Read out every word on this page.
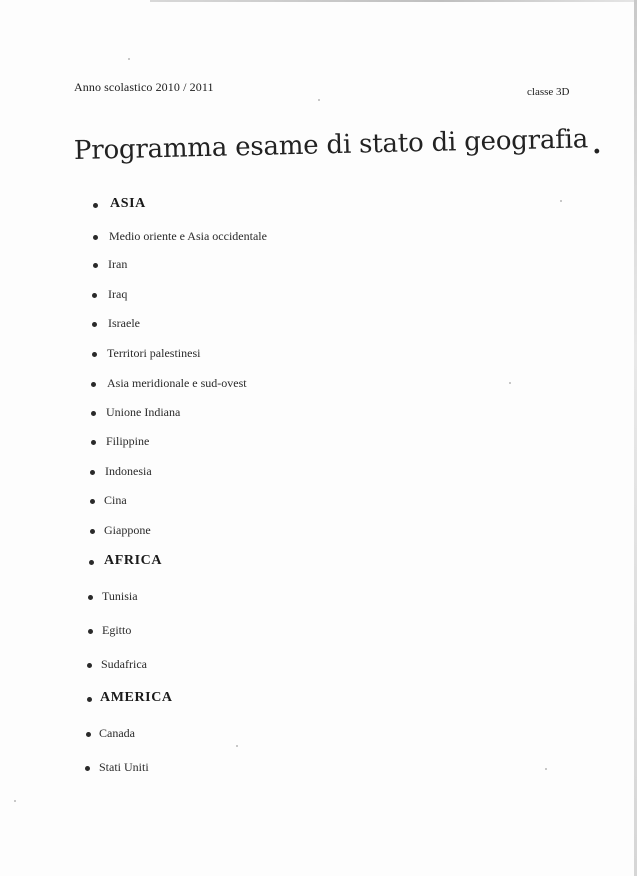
Anno scolastico 2010 / 2011	classe 3D
Programma esame di stato di geografia .
ASIA
Medio oriente e Asia occidentale
Iran
Iraq
Israele
Territori palestinesi
Asia meridionale e sud-ovest
Unione Indiana
Filippine
Indonesia
Cina
Giappone
AFRICA
Tunisia
Egitto
Sudafrica
AMERICA
Canada
Stati Uniti
